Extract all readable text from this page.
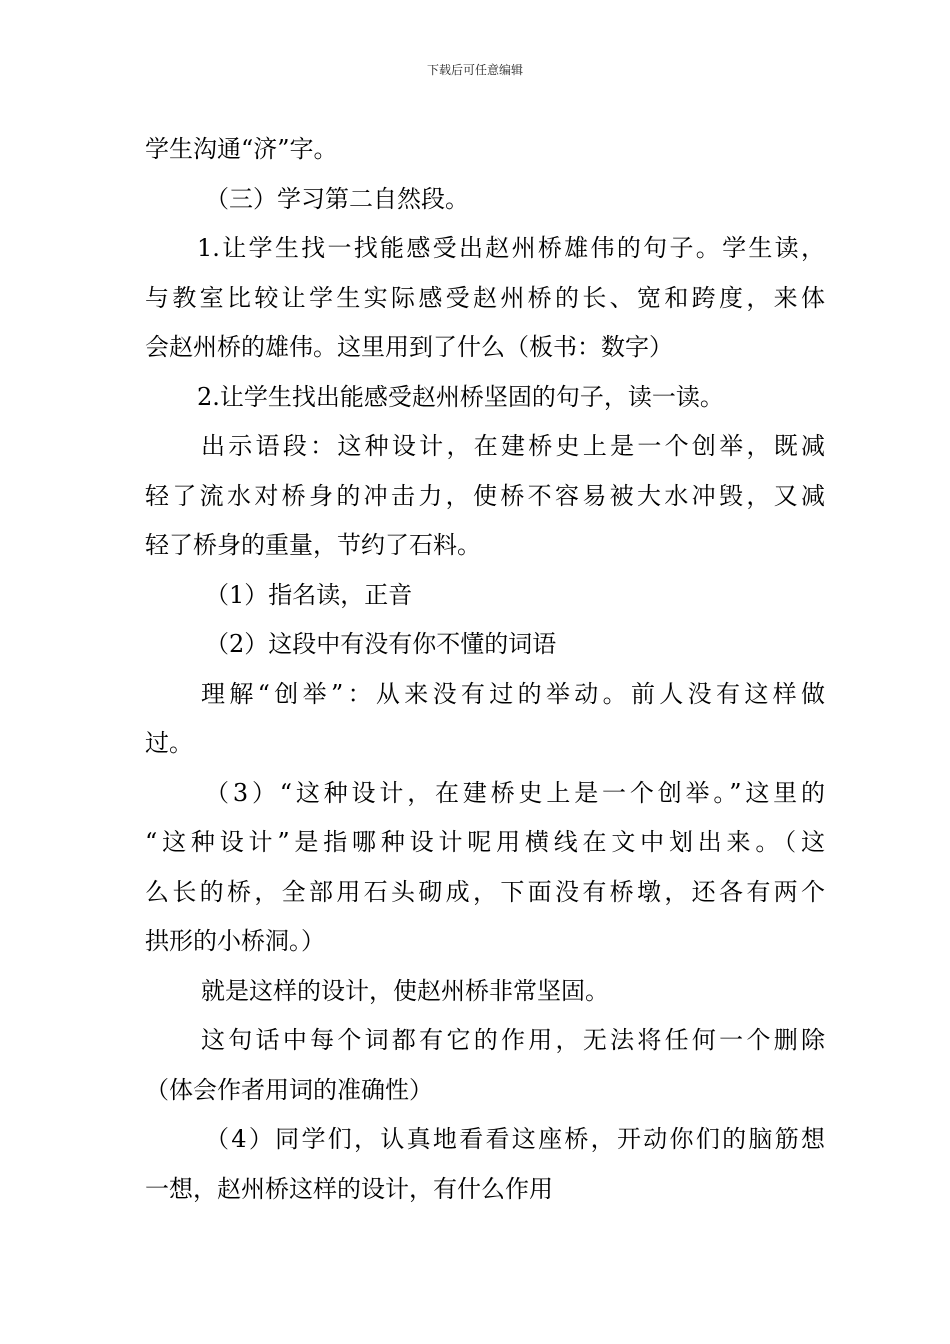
下载后可任意编辑
学生沟通“济”字。
（三）学习第二自然段。
1.让学生找一找能感受出赵州桥雄伟的句子。学生读，
与教室比较让学生实际感受赵州桥的长、宽和跨度，来体
会赵州桥的雄伟。这里用到了什么（板书：数字）
2.让学生找出能感受赵州桥坚固的句子，读一读。
出示语段：这种设计，在建桥史上是一个创举，既减
轻了流水对桥身的冲击力，使桥不容易被大水冲毁，又减
轻了桥身的重量，节约了石料。
（1）指名读，正音
（2）这段中有没有你不懂的词语
理解“创举”：从来没有过的举动。前人没有这样做
过。
（3）“这种设计，在建桥史上是一个创举。”这里的
“这种设计”是指哪种设计呢用横线在文中划出来。（这
么长的桥，全部用石头砌成，下面没有桥墩，还各有两个
拱形的小桥洞。）
就是这样的设计，使赵州桥非常坚固。
这句话中每个词都有它的作用，无法将任何一个删除
（体会作者用词的准确性）
（4）同学们，认真地看看这座桥，开动你们的脑筋想
一想，赵州桥这样的设计，有什么作用
